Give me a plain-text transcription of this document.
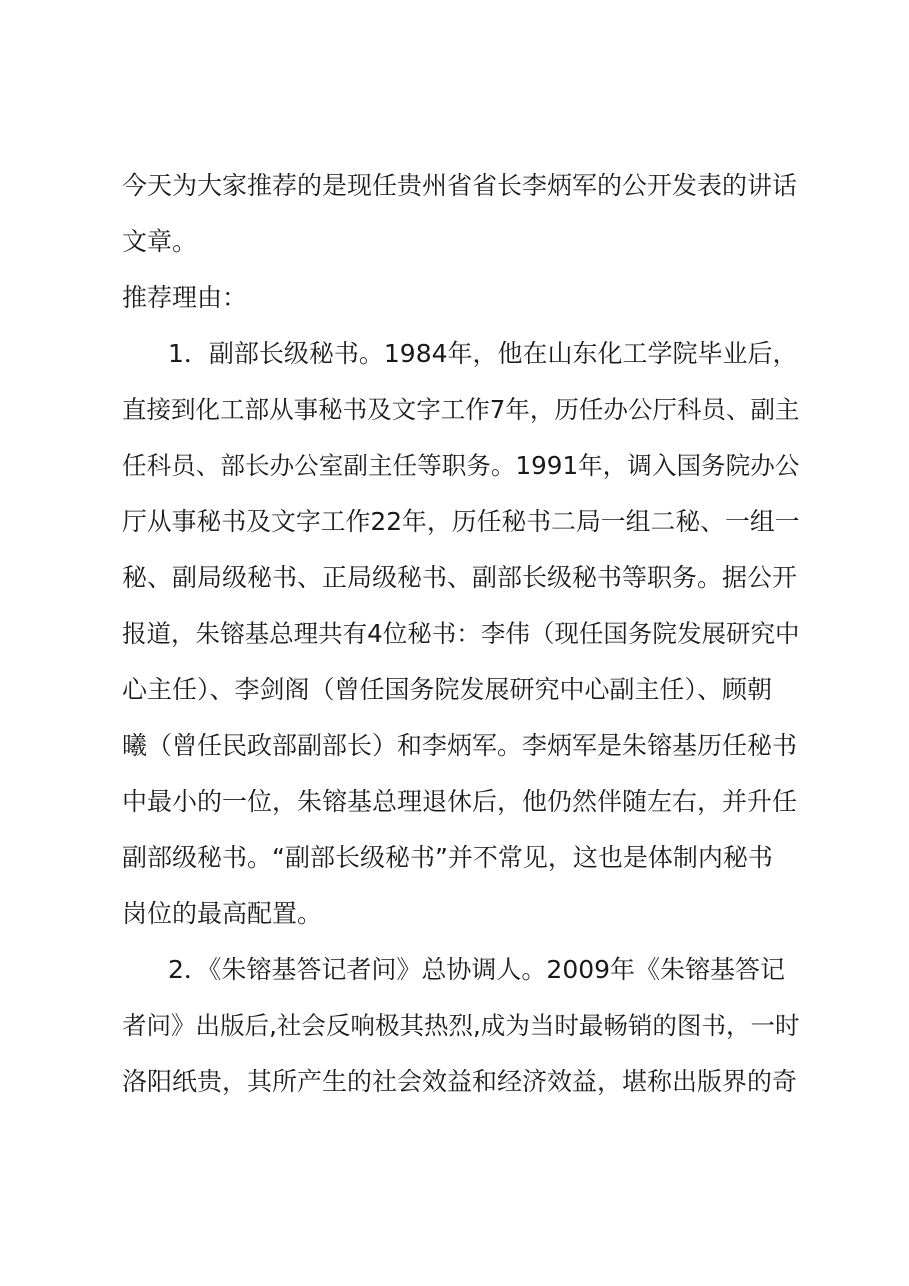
今天为大家推荐的是现任贵州省省长李炳军的公开发表的讲话
文章。
推荐理由：
1．副部长级秘书。1984年，他在山东化工学院毕业后，
直接到化工部从事秘书及文字工作7年，历任办公厅科员、副主
任科员、部长办公室副主任等职务。1991年，调入国务院办公
厅从事秘书及文字工作22年，历任秘书二局一组二秘、一组一
秘、副局级秘书、正局级秘书、副部长级秘书等职务。据公开
报道，朱镕基总理共有4位秘书：李伟（现任国务院发展研究中
心主任）、李剑阁（曾任国务院发展研究中心副主任）、顾朝
曦（曾任民政部副部长）和李炳军。李炳军是朱镕基历任秘书
中最小的一位，朱镕基总理退休后，他仍然伴随左右，并升任
副部级秘书。“副部长级秘书”并不常见，这也是体制内秘书
岗位的最高配置。
2．《朱镕基答记者问》总协调人。2009年《朱镕基答记
者问》出版后,社会反响极其热烈,成为当时最畅销的图书，一时
洛阳纸贵，其所产生的社会效益和经济效益，堪称出版界的奇
